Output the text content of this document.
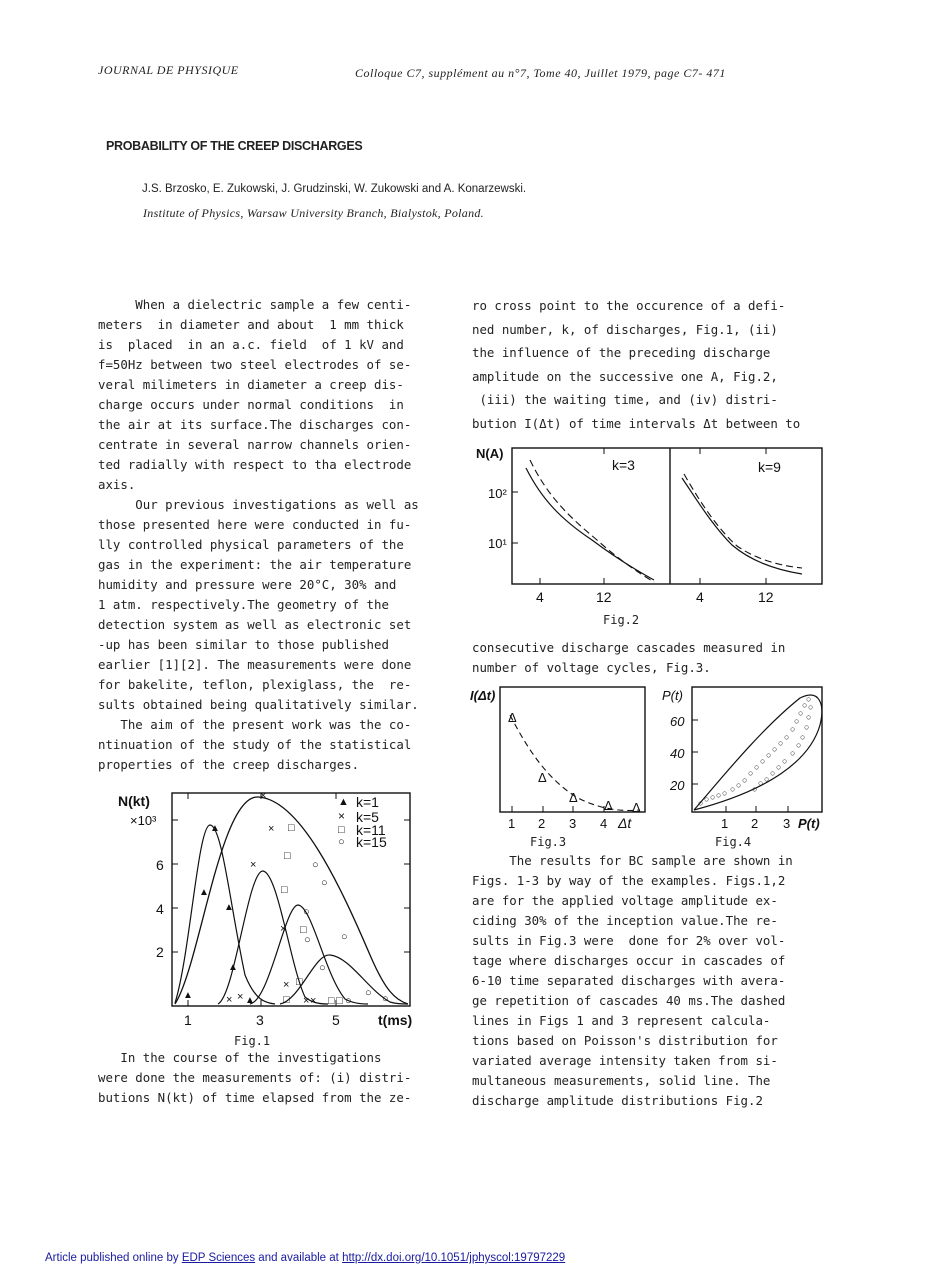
JOURNAL DE PHYSIQUE	Colloque C7, supplément au n°7, Tome 40, Juillet 1979, page C7- 471
PROBABILITY OF THE CREEP DISCHARGES
J.S. Brzosko, E. Zukowski, J. Grudzinski, W. Zukowski and A. Konarzewski.
Institute of Physics, Warsaw University Branch, Bialystok, Poland.
When a dielectric sample a few centi-
meters  in diameter and about  1 mm thick
is  placed  in an a.c. field  of 1 kV and
f=50Hz between two steel electrodes of se-
veral milimeters in diameter a creep dis-
charge occurs under normal conditions  in
the air at its surface.The discharges con-
centrate in several narrow channels orien-
ted radially with respect to tha electrode
axis.
Our previous investigations as well as
those presented here were conducted in fu-
lly controlled physical parameters of the
gas in the experiment: the air temperature
humidity and pressure were 20°C, 30% and
1 atm. respectively.The geometry of the
detection system as well as electronic set
-up has been similar to those published
earlier [1][2]. The measurements were done
for bakelite, teflon, plexiglass, the  re-
sults obtained being qualitatively similar.
The aim of the present work was the co-
ntinuation of the study of the statistical
properties of the creep discharges.
N(kt)
×10³
2
4
6
1	3	5	t(ms)
▲
▲
▲
▲
▲	▲
×
×
×
×
× ×	× ×
×
□
□
□
□
□	□ □
□
○
○
○
○	○
○
○ ○
○
▲ k=1
× k=5
□ k=11
○ k=15
Fig.1
In the course of the investigations
were done the measurements of: (i) distri-
butions N(kt) of time elapsed from the ze-
ro cross point to the occurence of a defi-
ned number, k, of discharges, Fig.1, (ii)
the influence of the preceding discharge
amplitude on the successive one A, Fig.2,
(iii) the waiting time, and (iv) distri-
bution I(Δt) of time intervals Δt between to
N(A)
10²
10¹
k=3	k=9
4	12	4	12
Fig.2
consecutive discharge cascades measured in
number of voltage cycles, Fig.3.
I(Δt)
1 2 3 4 Δt
Δ
Δ
Δ
Δ Δ
Fig.3
P(t)
20
40
60
1 2 3 P(t)
○ ○ ○ ○ ○ ○ ○ ○
○
○
○
○
○
○
○
○
○
○
○
○
○
○ ○
○
○
○
○
○
○
○
○
○
Fig.4
The results for BC sample are shown in
Figs. 1-3 by way of the examples. Figs.1,2
are for the applied voltage amplitude ex-
ciding 30% of the inception value.The re-
sults in Fig.3 were  done for 2% over vol-
tage where discharges occur in cascades of
6-10 time separated discharges with avera-
ge repetition of cascades 40 ms.The dashed
lines in Figs 1 and 3 represent calcula-
tions based on Poisson's distribution for
variated average intensity taken from si-
multaneous measurements, solid line. The
discharge amplitude distributions Fig.2
Article published online by EDP Sciences and available at http://dx.doi.org/10.1051/jphyscol:19797229
